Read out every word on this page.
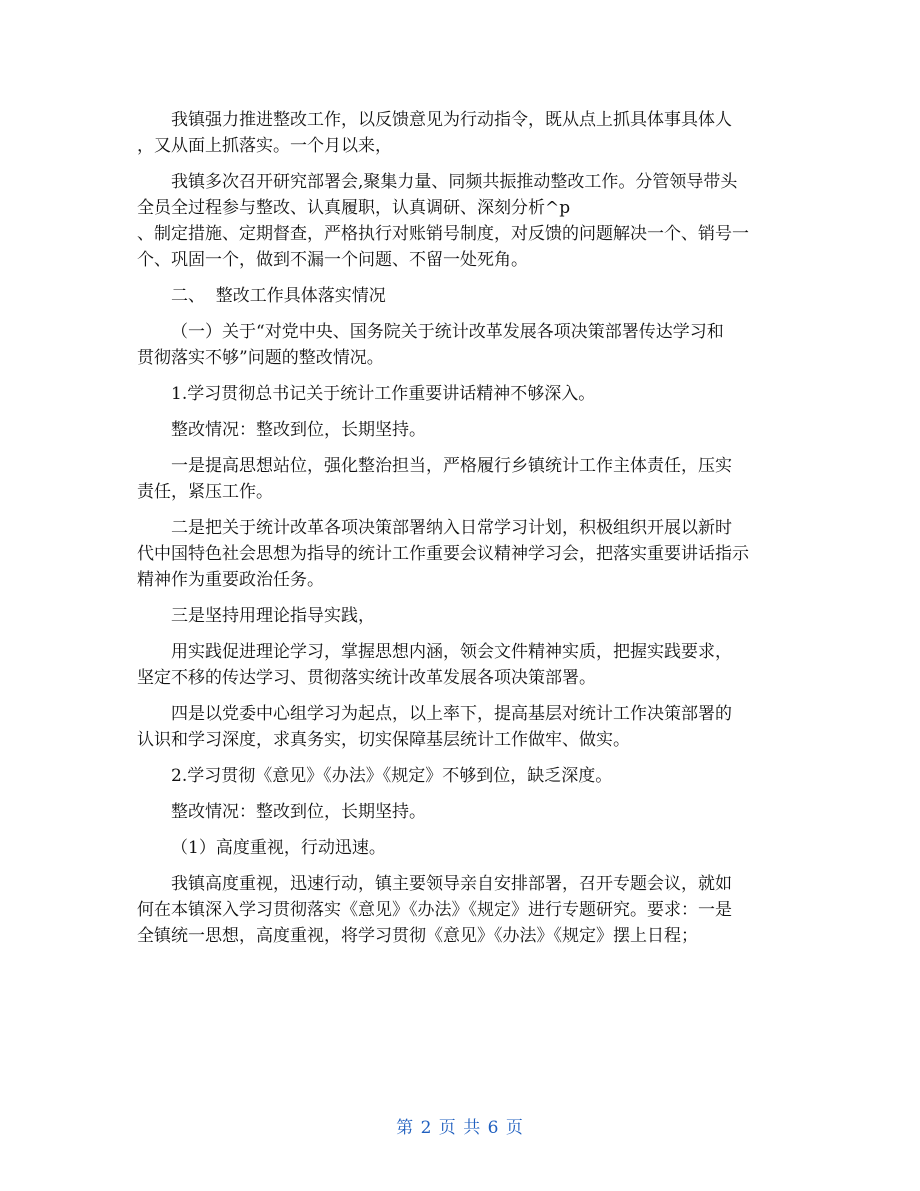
我镇强力推进整改工作，以反馈意见为行动指令，既从点上抓具体事具体人
，又从面上抓落实。一个月以来，

我镇多次召开研究部署会,聚集力量、同频共振推动整改工作。分管领导带头
全员全过程参与整改、认真履职，认真调研、深刻分析^p
、制定措施、定期督查，严格执行对账销号制度，对反馈的问题解决一个、销号一
个、巩固一个，做到不漏一个问题、不留一处死角。

二、  整改工作具体落实情况

（一）关于“对党中央、国务院关于统计改革发展各项决策部署传达学习和
贯彻落实不够”问题的整改情况。

1.学习贯彻总书记关于统计工作重要讲话精神不够深入。

整改情况：整改到位，长期坚持。

一是提高思想站位，强化整治担当，严格履行乡镇统计工作主体责任，压实
责任，紧压工作。

二是把关于统计改革各项决策部署纳入日常学习计划，积极组织开展以新时
代中国特色社会思想为指导的统计工作重要会议精神学习会，把落实重要讲话指示
精神作为重要政治任务。

三是坚持用理论指导实践，

用实践促进理论学习，掌握思想内涵，领会文件精神实质，把握实践要求，
坚定不移的传达学习、贯彻落实统计改革发展各项决策部署。

四是以党委中心组学习为起点，以上率下，提高基层对统计工作决策部署的
认识和学习深度，求真务实，切实保障基层统计工作做牢、做实。

2.学习贯彻《意见》《办法》《规定》不够到位，缺乏深度。

整改情况：整改到位，长期坚持。

（1）高度重视，行动迅速。

我镇高度重视，迅速行动，镇主要领导亲自安排部署，召开专题会议，就如
何在本镇深入学习贯彻落实《意见》《办法》《规定》进行专题研究。要求：一是
全镇统一思想，高度重视，将学习贯彻《意见》《办法》《规定》摆上日程；

第 2 页 共 6 页
